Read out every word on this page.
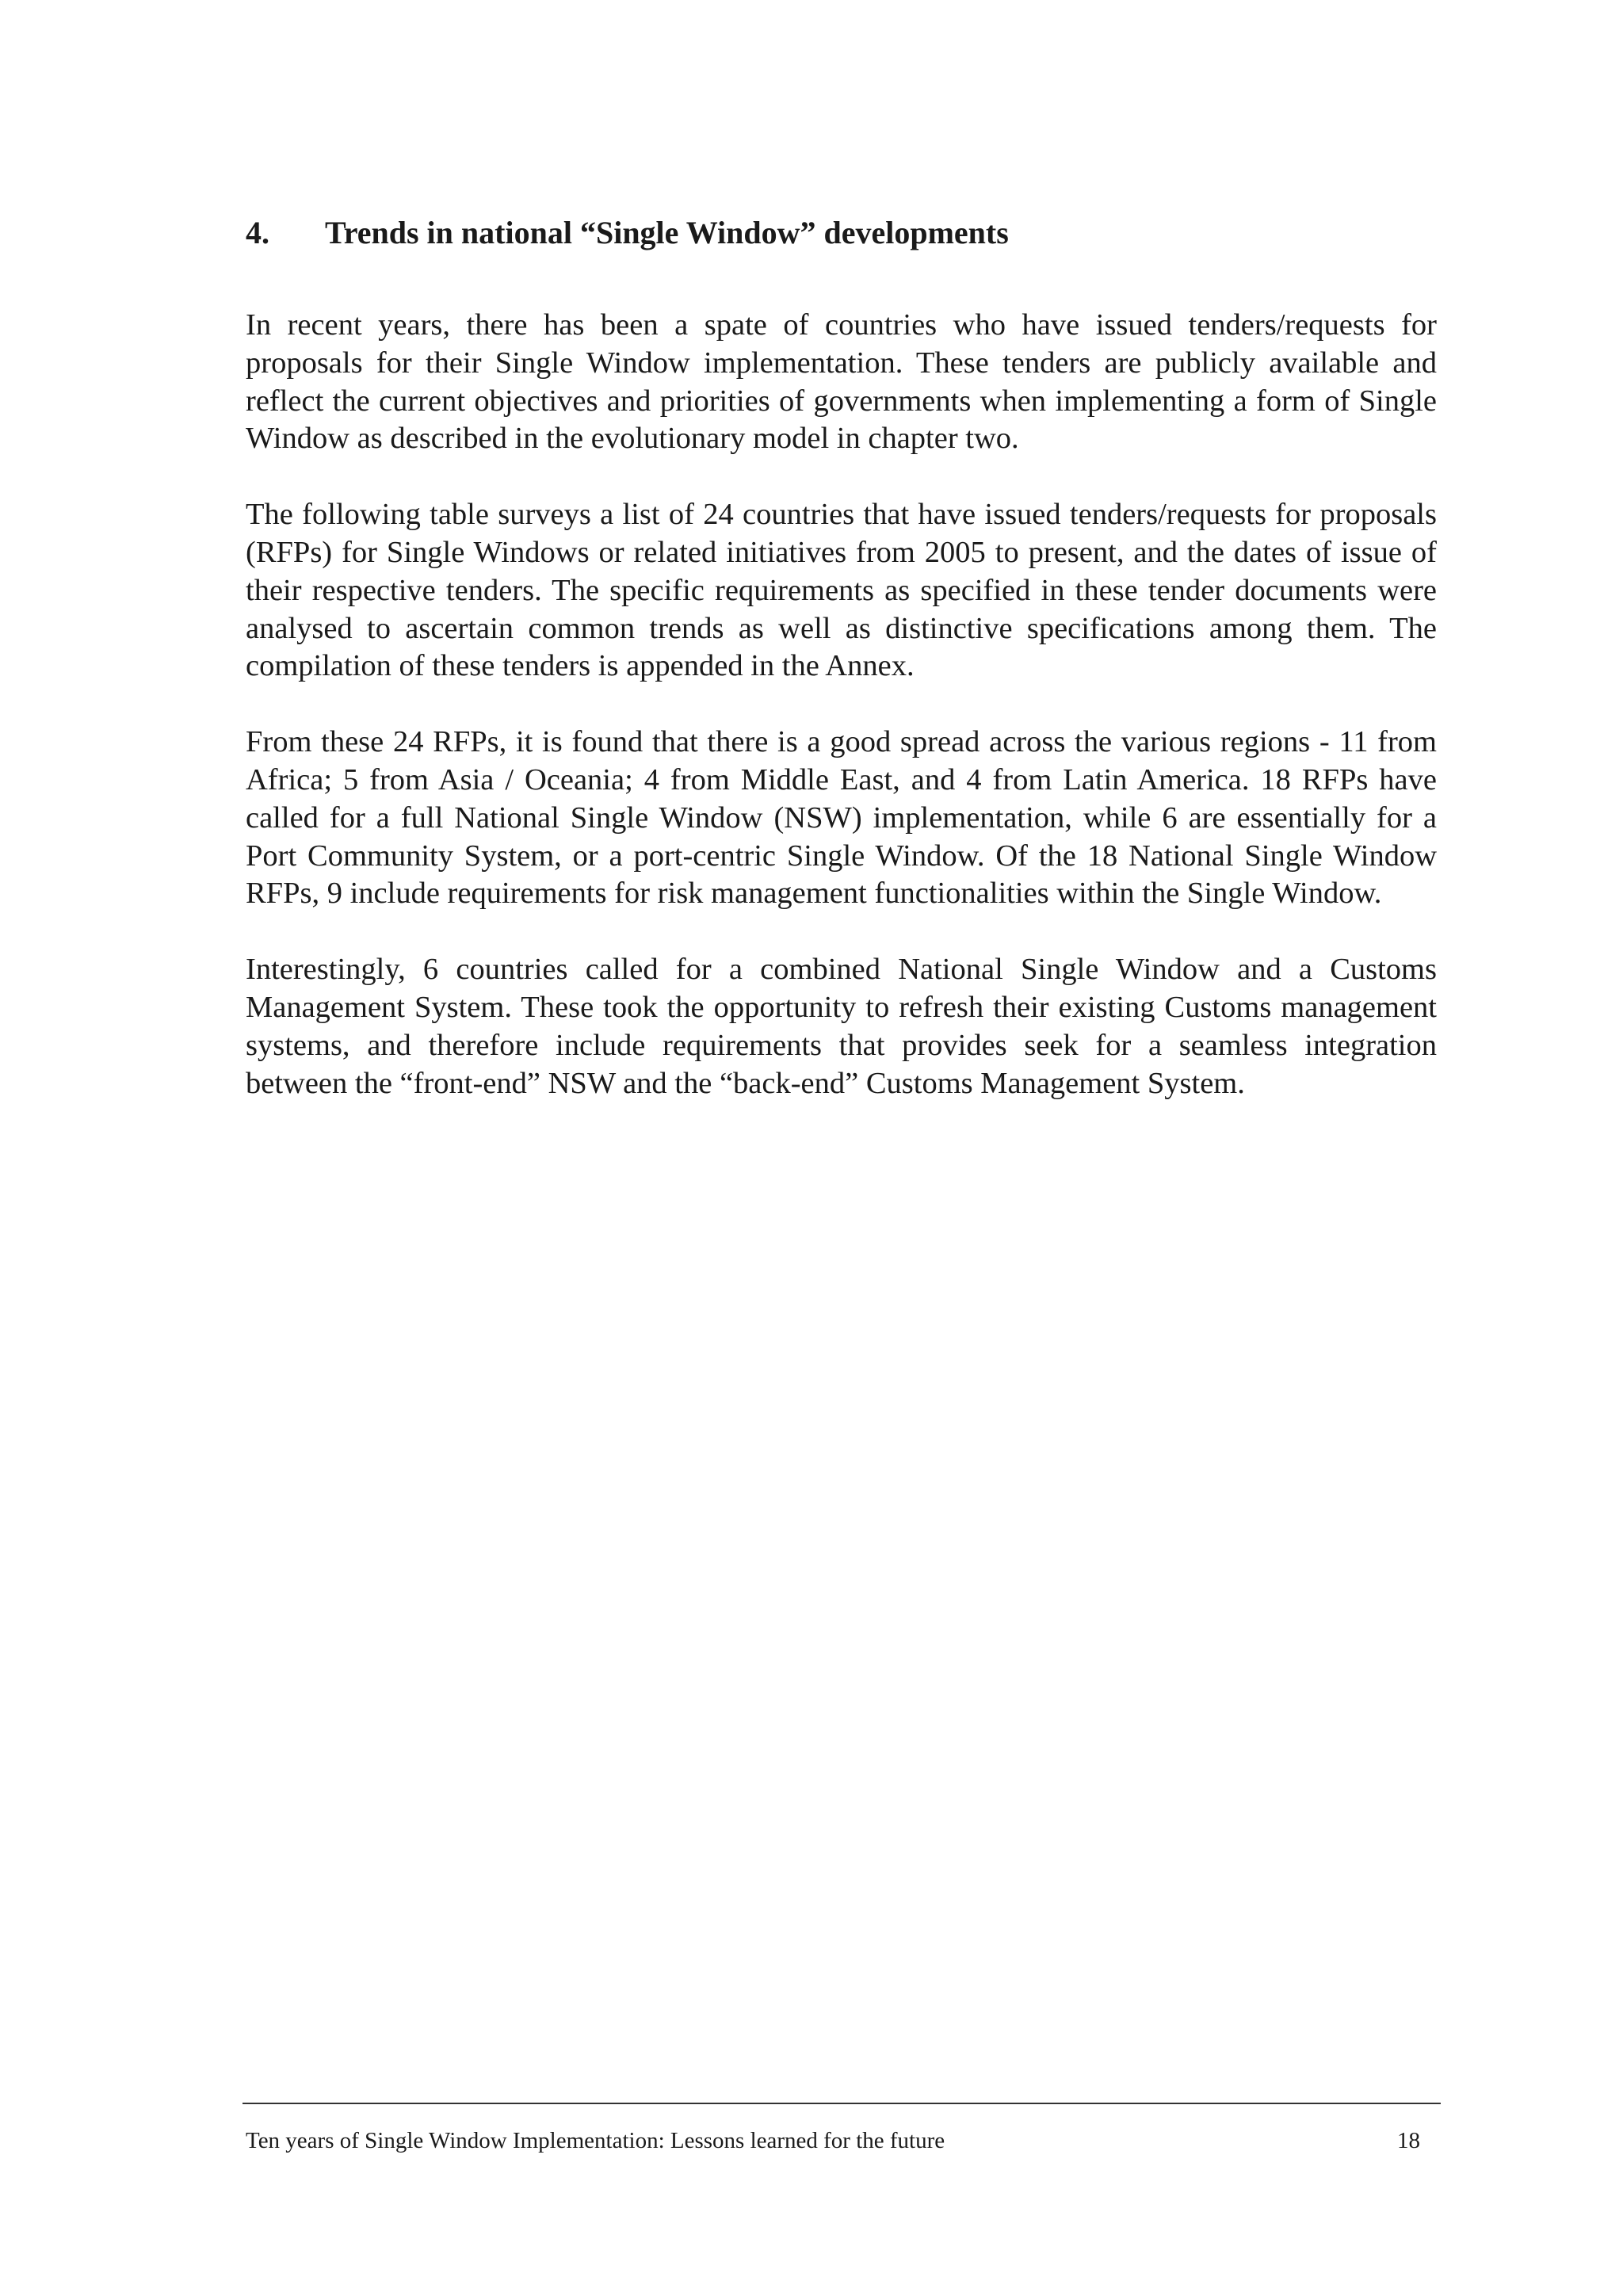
4. Trends in national “Single Window” developments

In recent years, there has been a spate of countries who have issued tenders/requests for proposals for their Single Window implementation. These tenders are publicly available and reflect the current objectives and priorities of governments when implementing a form of Single Window as described in the evolutionary model in chapter two.

The following table surveys a list of 24 countries that have issued tenders/requests for proposals (RFPs) for Single Windows or related initiatives from 2005 to present, and the dates of issue of their respective tenders. The specific requirements as specified in these tender documents were analysed to ascertain common trends as well as distinctive specifications among them. The compilation of these tenders is appended in the Annex.

From these 24 RFPs, it is found that there is a good spread across the various regions - 11 from Africa; 5 from Asia / Oceania; 4 from Middle East, and 4 from Latin America. 18 RFPs have called for a full National Single Window (NSW) implementation, while 6 are essentially for a Port Community System, or a port-centric Single Window. Of the 18 National Single Window RFPs, 9 include requirements for risk management functionalities within the Single Window.

Interestingly, 6 countries called for a combined National Single Window and a Customs Management System. These took the opportunity to refresh their existing Customs management systems, and therefore include requirements that provides seek for a seamless integration between the “front-end” NSW and the “back-end” Customs Management System.

Ten years of Single Window Implementation: Lessons learned for the future	18
